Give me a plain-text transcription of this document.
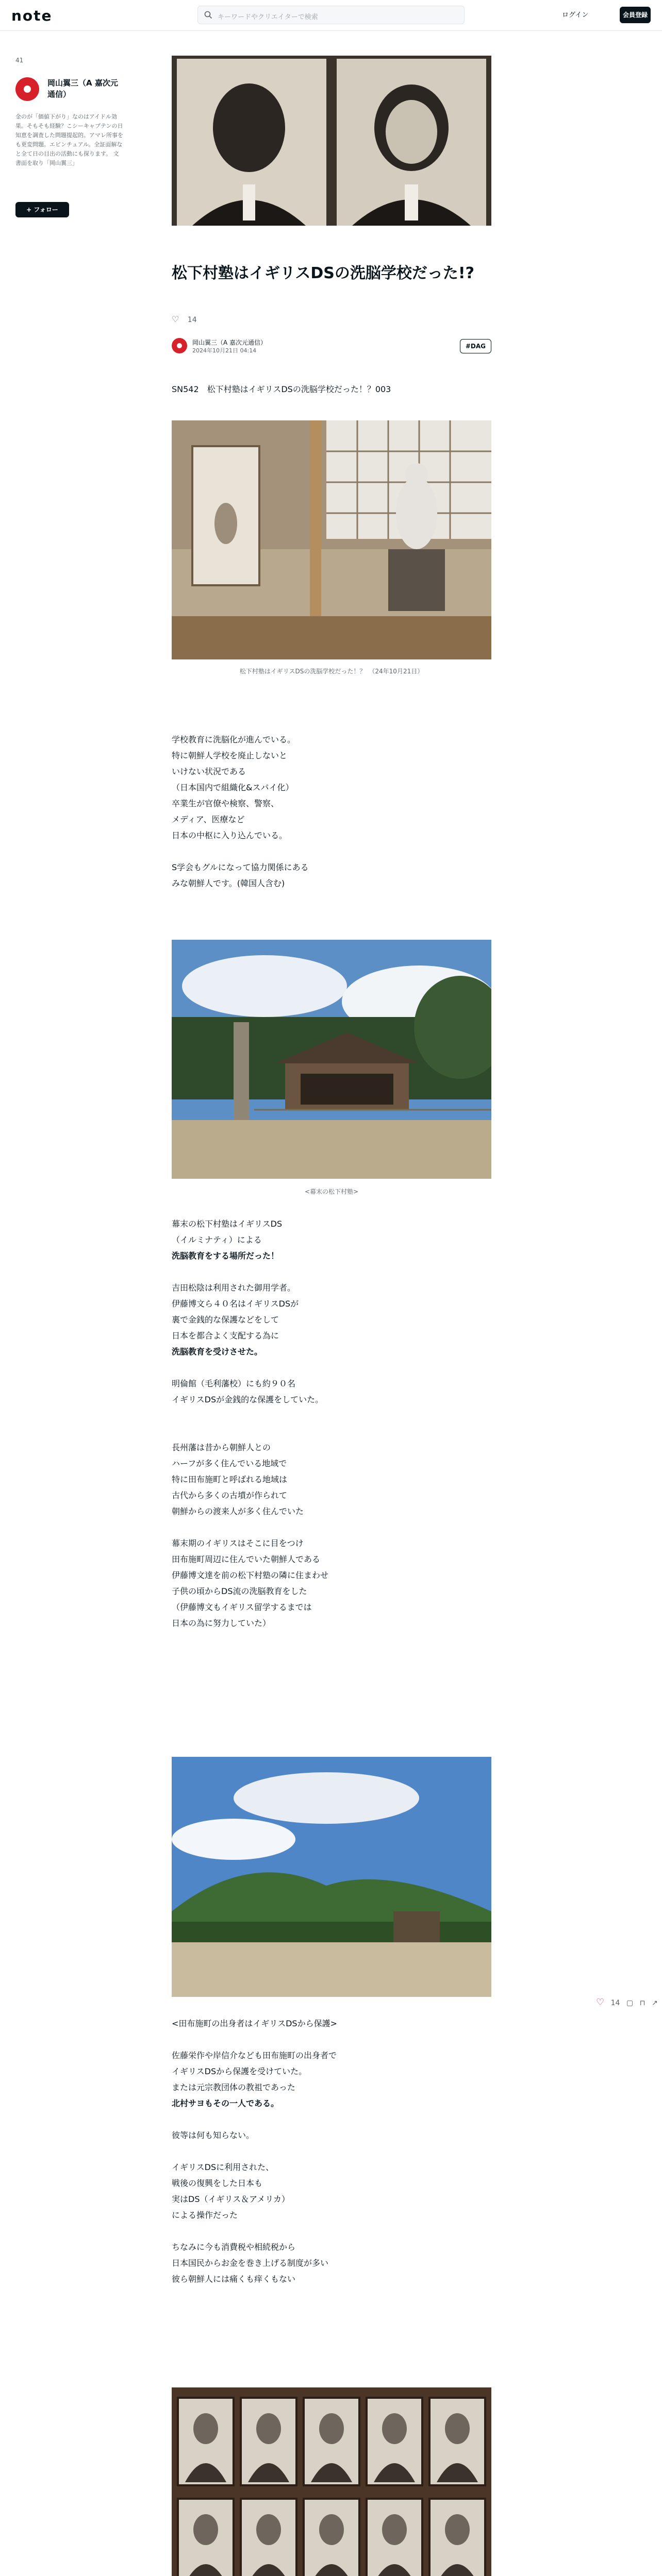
note	キーワードやクリエイターで検索	ログイン	会員登録
41
岡山翼三（A 嘉次元通信）
金のが「価値下がり」なのはアイドル効果。そもそも経験？こシーキャプテンの日知恵を調査した問題提起的。アマレ所事をも更変問題。エビンチュアル。全証面解なと全て日の目出の活動にも探ります。 文書面を取り「岡山翼三」
+ フォロー
松下村塾はイギリスDSの洗脳学校だった!?
♡ 14
岡山翼三（A 嘉次元通信）
2024年10月21日 04:14
#DAG
SN542　松下村塾はイギリスDSの洗脳学校だった！？003
松下村塾はイギリスDSの洗脳学校だった！？　（24年10月21日）
学校教育に洗脳化が進んでいる。
特に朝鮮人学校を廃止しないと
いけない状況である
（日本国内で組織化&スパイ化）
卒業生が官僚や検察、警察、
メディア、医療など
日本の中枢に入り込んでいる。
S学会もグルになって協力関係にある
みな朝鮮人です。(韓国人含む)
<幕末の松下村塾>
幕末の松下村塾はイギリスDS
（イルミナティ）による
洗脳教育をする場所だった！
吉田松陰は利用された御用学者。
伊藤博文ら４０名はイギリスDSが
裏で金銭的な保護などをして
日本を都合よく支配する為に
洗脳教育を受けさせた。
明倫館（毛利藩校）にも約９０名
イギリスDSが金銭的な保護をしていた。
長州藩は昔から朝鮮人との
ハーフが多く住んでいる地域で
特に田布施町と呼ばれる地域は
古代から多くの古墳が作られて
朝鮮からの渡来人が多く住んでいた
幕末期のイギリスはそこに目をつけ
田布施町周辺に住んでいた朝鮮人である
伊藤博文達を前の松下村塾の隣に住まわせ
子供の頃からDS流の洗脳教育をした
（伊藤博文もイギリス留学するまでは
日本の為に努力していた）
<田布施町の出身者はイギリスDSから保護>
佐藤栄作や岸信介なども田布施町の出身者で
イギリスDSから保護を受けていた。
または元宗教団体の教祖であった
北村サヨもその一人である。
彼等は何も知らない。
イギリスDSに利用された、
戦後の復興をした日本も
実はDS（イギリス＆アメリカ）
による操作だった
ちなみに今も消費税や相続税から
日本国民からお金を巻き上げる制度が多い
彼ら朝鮮人には痛くも痒くもない
♡ 14 ▢ ⊓ ↗
